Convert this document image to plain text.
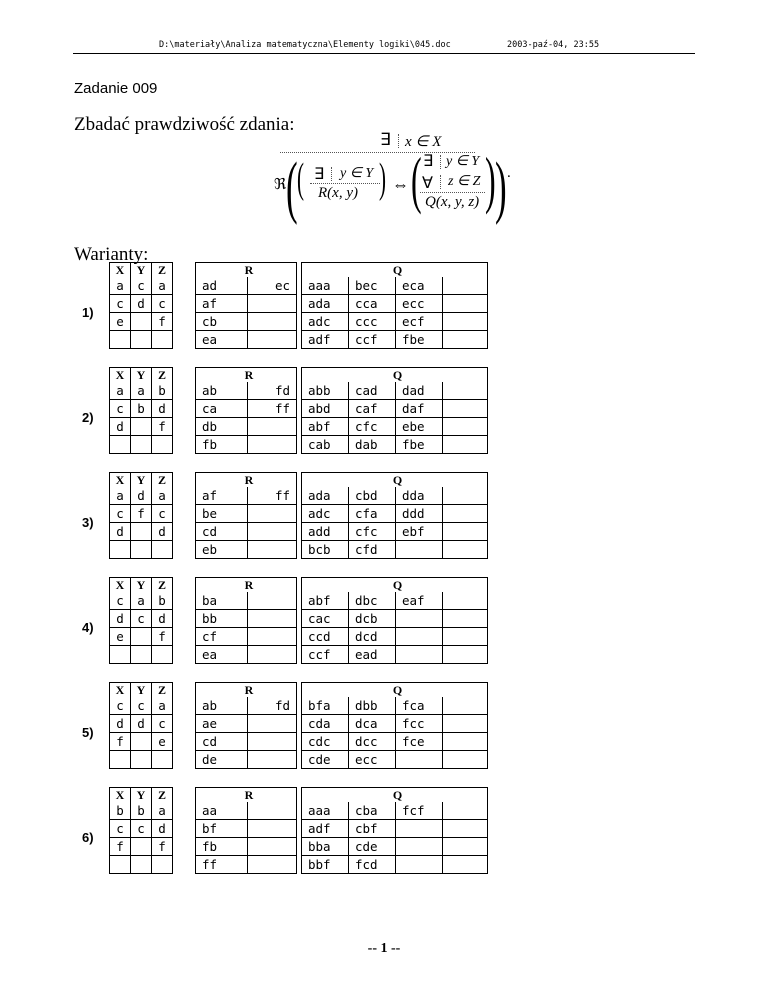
D:\materiały\Analiza matematyczna\Elementy logiki\045.doc	2003-paź-04, 23:55
Zadanie 009
Zbadać prawdziwość zdania:
∃ x ∈ X
ℜ ( ( ∃ y ∈ Y
R(x, y) ) ⇔ ( ∃ y ∈ Y
∀ z ∈ Z
Q(x, y, z) ) ) .
Warianty:
1)
X	Y	Z
a	c	a
c	d	c
e		f

R	
ad	ec
af	
cb	
ea	
Q			
aaa	bec	eca	
ada	cca	ecc	
adc	ccc	ecf	
adf	ccf	fbe	
2)
X	Y	Z
a	a	b
c	b	d
d		f

R	
ab	fd
ca	ff
db	
fb	
Q			
abb	cad	dad	
abd	caf	daf	
abf	cfc	ebe	
cab	dab	fbe	
3)
X	Y	Z
a	d	a
c	f	c
d		d

R	
af	ff
be	
cd	
eb	
Q			
ada	cbd	dda	
adc	cfa	ddd	
add	cfc	ebf	
bcb	cfd		
4)
X	Y	Z
c	a	b
d	c	d
e		f

R	
ba	
bb	
cf	
ea	
Q			
abf	dbc	eaf	
cac	dcb		
ccd	dcd		
ccf	ead		
5)
X	Y	Z
c	c	a
d	d	c
f		e

R	
ab	fd
ae	
cd	
de	
Q			
bfa	dbb	fca	
cda	dca	fcc	
cdc	dcc	fce	
cde	ecc		
6)
X	Y	Z
b	b	a
c	c	d
f		f

R	
aa	
bf	
fb	
ff	
Q			
aaa	cba	fcf	
adf	cbf		
bba	cde		
bbf	fcd		
-- 1 --
